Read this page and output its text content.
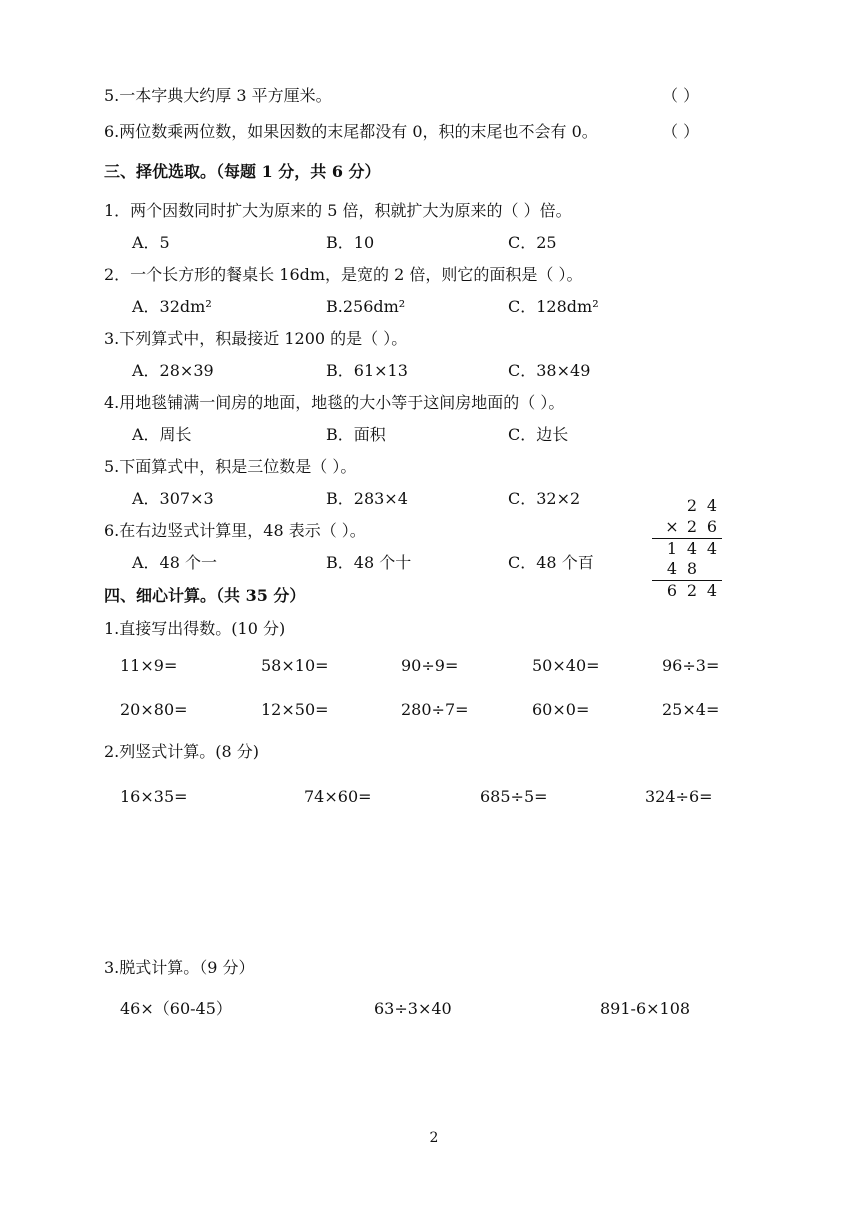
5.一本字典大约厚 3 平方厘米。	（ ）
6.两位数乘两位数，如果因数的末尾都没有 0，积的末尾也不会有 0。	（ ）
三、择优选取。（每题 1 分，共 6 分）
1．两个因数同时扩大为原来的 5 倍，积就扩大为原来的（ ）倍。
A．5	B．10	C．25
2．一个长方形的餐桌长 16dm，是宽的 2 倍，则它的面积是（ ）。
A．32dm²	B.256dm²	C．128dm²
3.下列算式中，积最接近 1200 的是（ ）。
A．28×39	B．61×13	C．38×49
4.用地毯铺满一间房的地面，地毯的大小等于这间房地面的（ ）。
A．周长	B．面积	C．边长
5.下面算式中，积是三位数是（ ）。
A．307×3	B．283×4	C．32×2
6.在右边竖式计算里，48 表示（ ）。
A．48 个一	B．48 个十	C．48 个百
2 4
× 2 6
1 4 4
4 8
6 2 4
四、细心计算。（共 35 分）
1.直接写出得数。(10 分)
11×9=	58×10=	90÷9=	50×40=	96÷3=
20×80=	12×50=	280÷7=	60×0=	25×4=
2.列竖式计算。(8 分)
16×35=	74×60=	685÷5=	324÷6=
3.脱式计算。（9 分）
46×（60-45）	63÷3×40	891-6×108
2
